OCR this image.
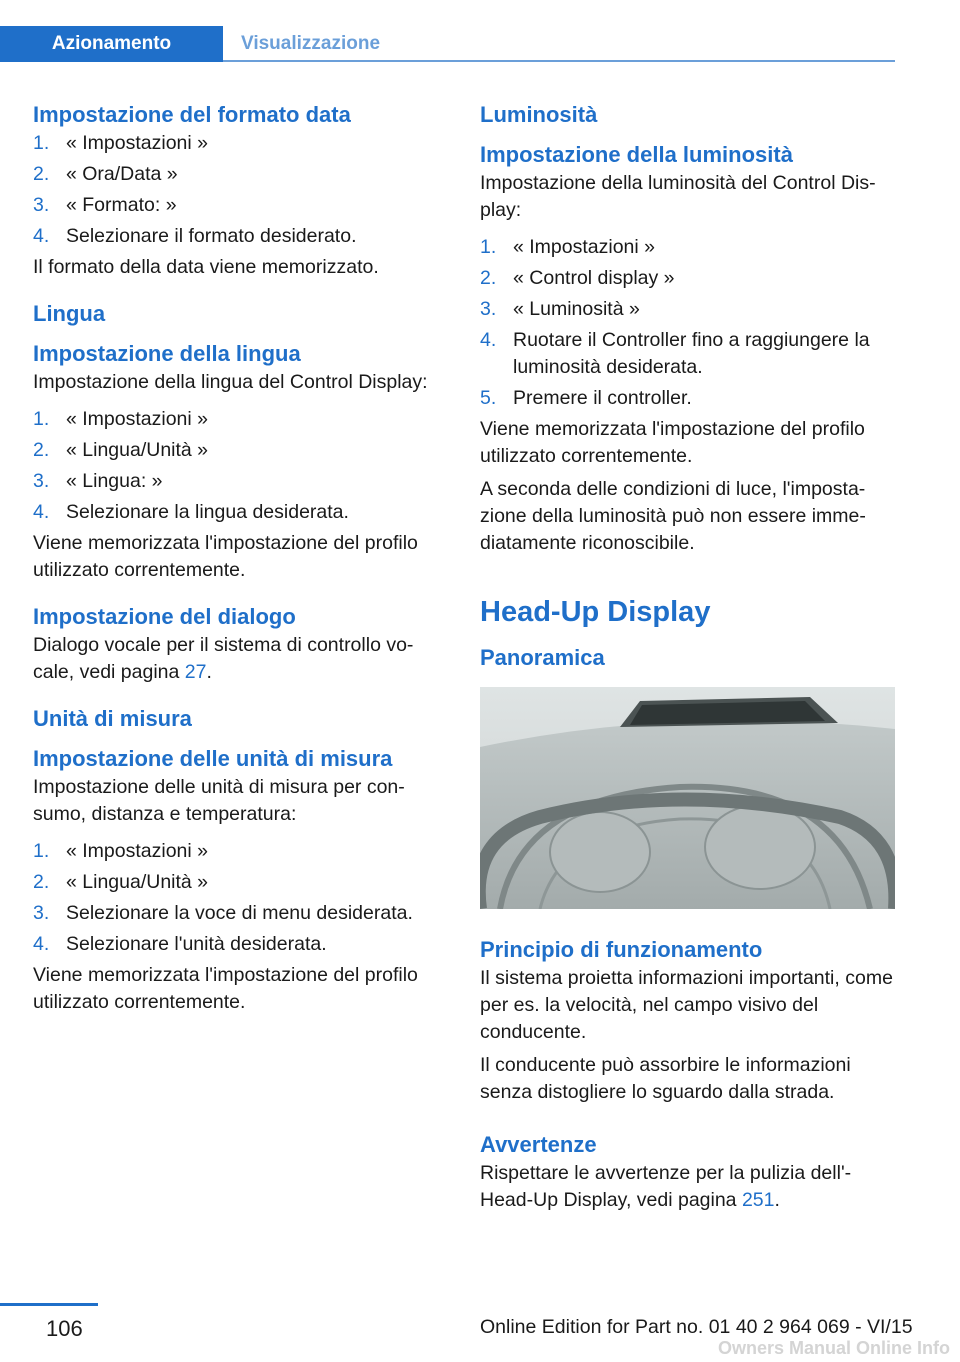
Azionamento	Visualizzazione
Impostazione del formato data
1. « Impostazioni »
2. « Ora/Data »
3. « Formato: »
4. Selezionare il formato desiderato.

Il formato della data viene memorizzato.

Lingua
Impostazione della lingua

Impostazione della lingua del Control Display:

1. « Impostazioni »
2. « Lingua/Unità »
3. « Lingua: »
4. Selezionare la lingua desiderata.

Viene memorizzata l'impostazione del profilo utilizzato correntemente.

Impostazione del dialogo

Dialogo vocale per il sistema di controllo vo-cale, vedi pagina 27.

Unità di misura
Impostazione delle unità di misura

Impostazione delle unità di misura per con-sumo, distanza e temperatura:

1. « Impostazioni »
2. « Lingua/Unità »
3. Selezionare la voce di menu desiderata.
4. Selezionare l'unità desiderata.

Viene memorizzata l'impostazione del profilo utilizzato correntemente.

Luminosità
Impostazione della luminosità

Impostazione della luminosità del Control Dis-play:

1. « Impostazioni »
2. « Control display »
3. « Luminosità »
4. Ruotare il Controller fino a raggiungere la luminosità desiderata.
5. Premere il controller.

Viene memorizzata l'impostazione del profilo utilizzato correntemente.

A seconda delle condizioni di luce, l'imposta-zione della luminosità può non essere imme-diatamente riconoscibile.

Head-Up Display
Panoramica
Principio di funzionamento

Il sistema proietta informazioni importanti, come per es. la velocità, nel campo visivo del conducente.

Il conducente può assorbire le informazioni senza distogliere lo sguardo dalla strada.

Avvertenze

Rispettare le avvertenze per la pulizia dell'-Head-Up Display, vedi pagina 251.

106	Online Edition for Part no. 01 40 2 964 069 - VI/15
Owners Manual Online Info
